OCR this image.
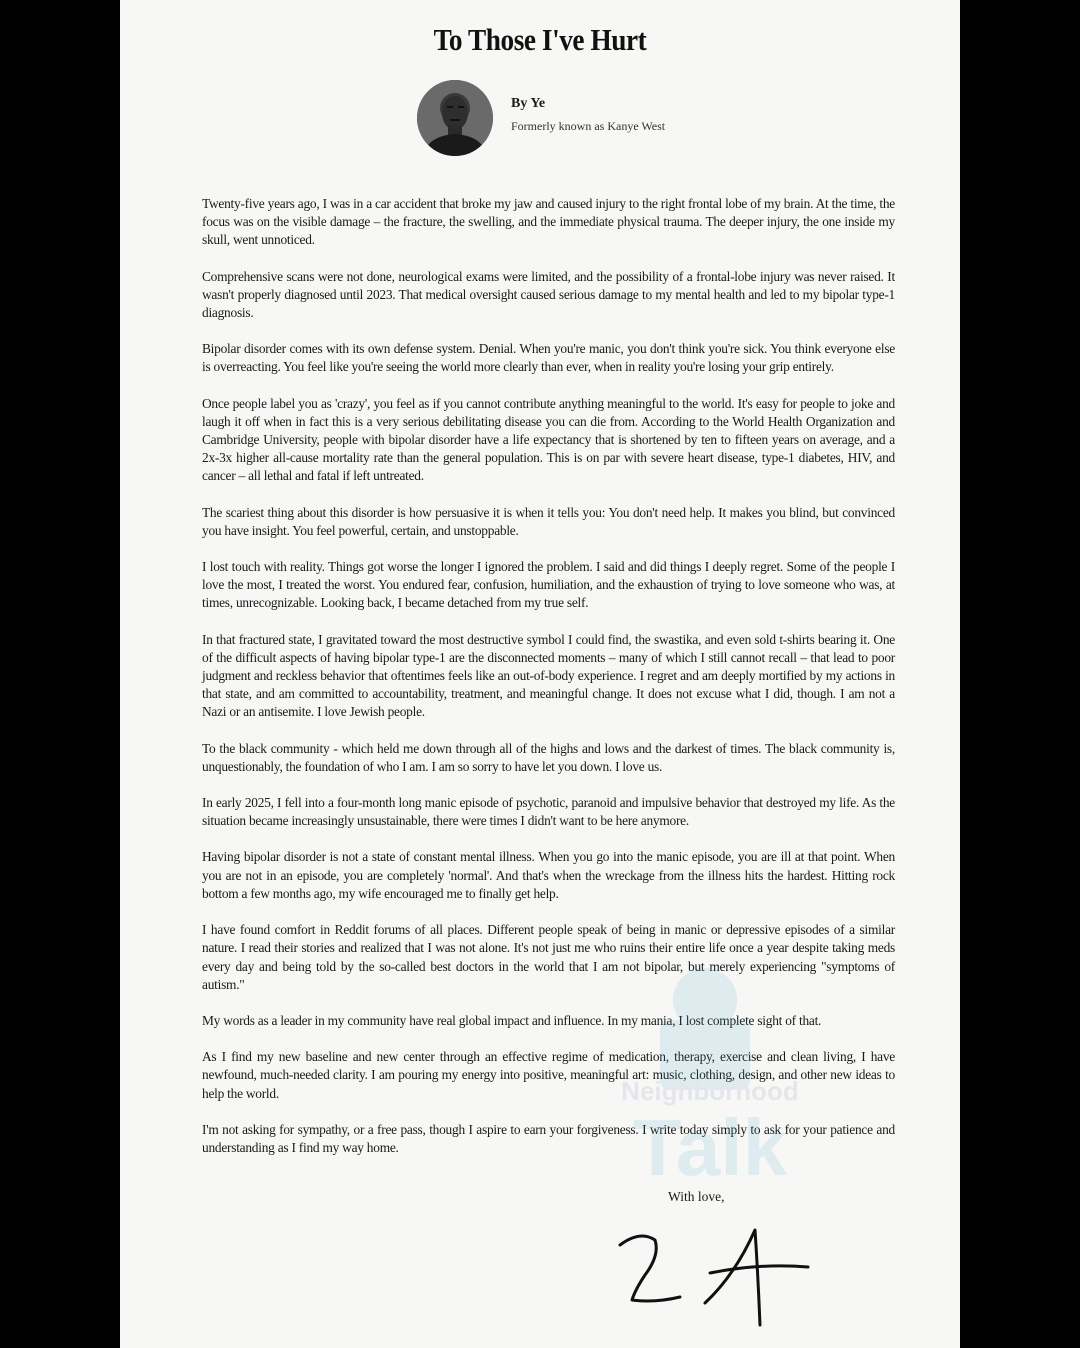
To Those I've Hurt
By Ye
Formerly known as Kanye West

Twenty-five years ago, I was in a car accident that broke my jaw and caused injury to the right frontal lobe of my brain. At the time, the focus was on the visible damage – the fracture, the swelling, and the immediate physical trauma. The deeper injury, the one inside my skull, went unnoticed.

Comprehensive scans were not done, neurological exams were limited, and the possibility of a frontal-lobe injury was never raised. It wasn't properly diagnosed until 2023. That medical oversight caused serious damage to my mental health and led to my bipolar type-1 diagnosis.

Bipolar disorder comes with its own defense system. Denial. When you're manic, you don't think you're sick. You think everyone else is overreacting. You feel like you're seeing the world more clearly than ever, when in reality you're losing your grip entirely.

Once people label you as 'crazy', you feel as if you cannot contribute anything meaningful to the world. It's easy for people to joke and laugh it off when in fact this is a very serious debilitating disease you can die from. According to the World Health Organization and Cambridge University, people with bipolar disorder have a life expectancy that is shortened by ten to fifteen years on average, and a 2x-3x higher all-cause mortality rate than the general population. This is on par with severe heart disease, type-1 diabetes, HIV, and cancer – all lethal and fatal if left untreated.

The scariest thing about this disorder is how persuasive it is when it tells you: You don't need help. It makes you blind, but convinced you have insight. You feel powerful, certain, and unstoppable.

I lost touch with reality. Things got worse the longer I ignored the problem. I said and did things I deeply regret. Some of the people I love the most, I treated the worst. You endured fear, confusion, humiliation, and the exhaustion of trying to love someone who was, at times, unrecognizable. Looking back, I became detached from my true self.

In that fractured state, I gravitated toward the most destructive symbol I could find, the swastika, and even sold t-shirts bearing it. One of the difficult aspects of having bipolar type-1 are the disconnected moments – many of which I still cannot recall – that lead to poor judgment and reckless behavior that oftentimes feels like an out-of-body experience. I regret and am deeply mortified by my actions in that state, and am committed to accountability, treatment, and meaningful change. It does not excuse what I did, though. I am not a Nazi or an antisemite. I love Jewish people.

To the black community - which held me down through all of the highs and lows and the darkest of times. The black community is, unquestionably, the foundation of who I am. I am so sorry to have let you down. I love us.

In early 2025, I fell into a four-month long manic episode of psychotic, paranoid and impulsive behavior that destroyed my life. As the situation became increasingly unsustainable, there were times I didn't want to be here anymore.

Having bipolar disorder is not a state of constant mental illness. When you go into the manic episode, you are ill at that point. When you are not in an episode, you are completely 'normal'. And that's when the wreckage from the illness hits the hardest. Hitting rock bottom a few months ago, my wife encouraged me to finally get help.

I have found comfort in Reddit forums of all places. Different people speak of being in manic or depressive episodes of a similar nature. I read their stories and realized that I was not alone. It's not just me who ruins their entire life once a year despite taking meds every day and being told by the so-called best doctors in the world that I am not bipolar, but merely experiencing "symptoms of autism."

My words as a leader in my community have real global impact and influence. In my mania, I lost complete sight of that.

As I find my new baseline and new center through an effective regime of medication, therapy, exercise and clean living, I have newfound, much-needed clarity. I am pouring my energy into positive, meaningful art: music, clothing, design, and other new ideas to help the world.

I'm not asking for sympathy, or a free pass, though I aspire to earn your forgiveness. I write today simply to ask for your patience and understanding as I find my way home.

Neighborhood
Talk
With love,
